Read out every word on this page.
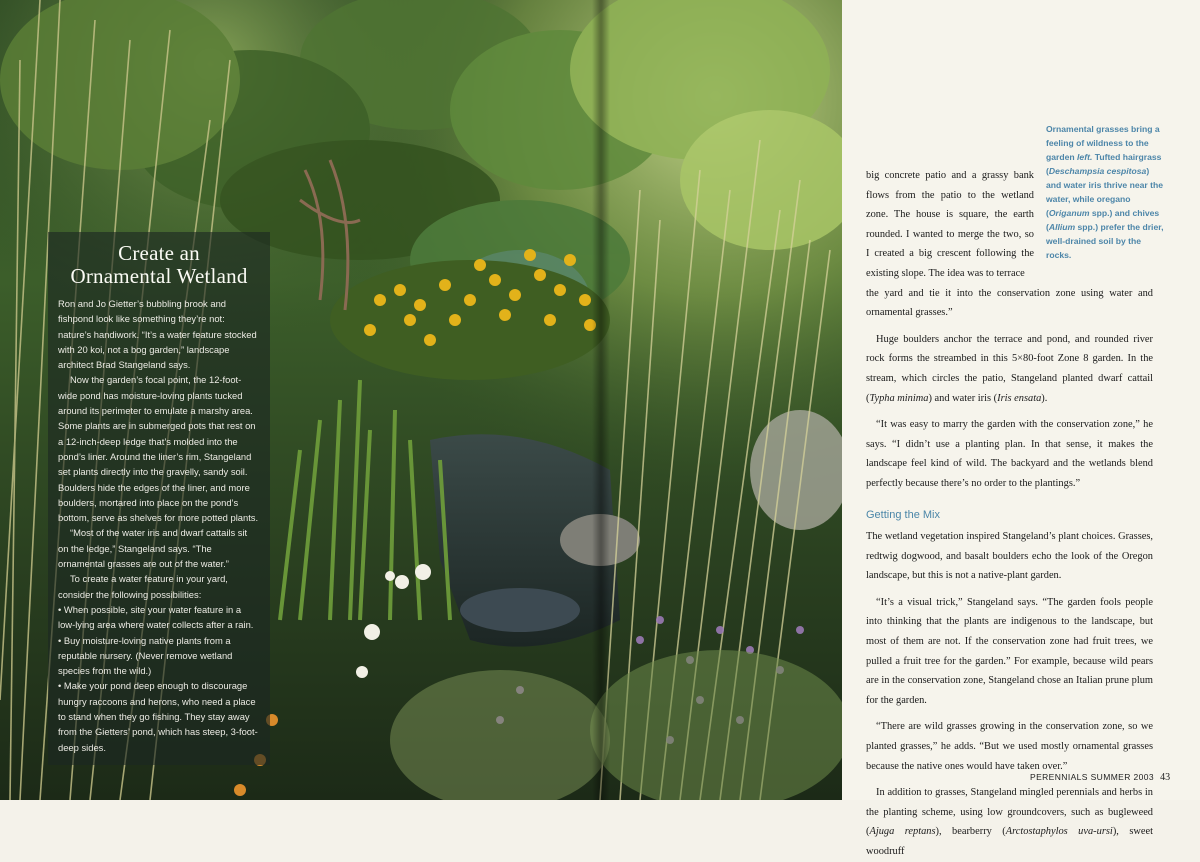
Create an
Ornamental Wetland

Ron and Jo Gietter’s bubbling brook and fishpond look like something they’re not: nature’s handiwork. “It’s a water feature stocked with 20 koi, not a bog garden,” landscape architect Brad Stangeland says.

Now the garden’s focal point, the 12-foot-wide pond has moisture-loving plants tucked around its perimeter to emulate a marshy area. Some plants are in submerged pots that rest on a 12-inch-deep ledge that’s molded into the pond’s liner. Around the liner’s rim, Stangeland set plants directly into the gravelly, sandy soil. Boulders hide the edges of the liner, and more boulders, mortared into place on the pond’s bottom, serve as shelves for more potted plants.

“Most of the water iris and dwarf cattails sit on the ledge,” Stangeland says. “The ornamental grasses are out of the water.”

To create a water feature in your yard, consider the following possibilities:

• When possible, site your water feature in a low-lying area where water collects after a rain.

• Buy moisture-loving native plants from a reputable nursery. (Never remove wetland species from the wild.)

• Make your pond deep enough to discourage hungry raccoons and herons, who need a place to stand when they go fishing. They stay away from the Gietters’ pond, which has steep, 3-foot-deep sides.

Ornamental grasses bring a feeling of wildness to the garden left. Tufted hairgrass (Deschampsia cespitosa) and water iris thrive near the water, while oregano (Origanum spp.) and chives (Allium spp.) prefer the drier, well-drained soil by the rocks.

big concrete patio and a grassy bank flows from the patio to the wetland zone. The house is square, the earth rounded. I wanted to merge the two, so I created a big crescent following the existing slope. The idea was to terrace

the yard and tie it into the conservation zone using water and ornamental grasses.”

Huge boulders anchor the terrace and pond, and rounded river rock forms the streambed in this 5×80-foot Zone 8 garden. In the stream, which circles the patio, Stangeland planted dwarf cattail (Typha minima) and water iris (Iris ensata).

“It was easy to marry the garden with the conservation zone,” he says. “I didn’t use a planting plan. In that sense, it makes the landscape feel kind of wild. The backyard and the wetlands blend perfectly because there’s no order to the plantings.”

Getting the Mix

The wetland vegetation inspired Stangeland’s plant choices. Grasses, redtwig dogwood, and basalt boulders echo the look of the Oregon landscape, but this is not a native-plant garden.

“It’s a visual trick,” Stangeland says. “The garden fools people into thinking that the plants are indigenous to the landscape, but most of them are not. If the conservation zone had fruit trees, we pulled a fruit tree for the garden.” For example, because wild pears are in the conservation zone, Stangeland chose an Italian prune plum for the garden.

“There are wild grasses growing in the conservation zone, so we planted grasses,” he adds. “But we used mostly ornamental grasses because the native ones would have taken over.”

In addition to grasses, Stangeland mingled perennials and herbs in the planting scheme, using low groundcovers, such as bugleweed (Ajuga reptans), bearberry (Arctostaphylos uva-ursi), sweet woodruff

PERENNIALS SUMMER 2003 43
